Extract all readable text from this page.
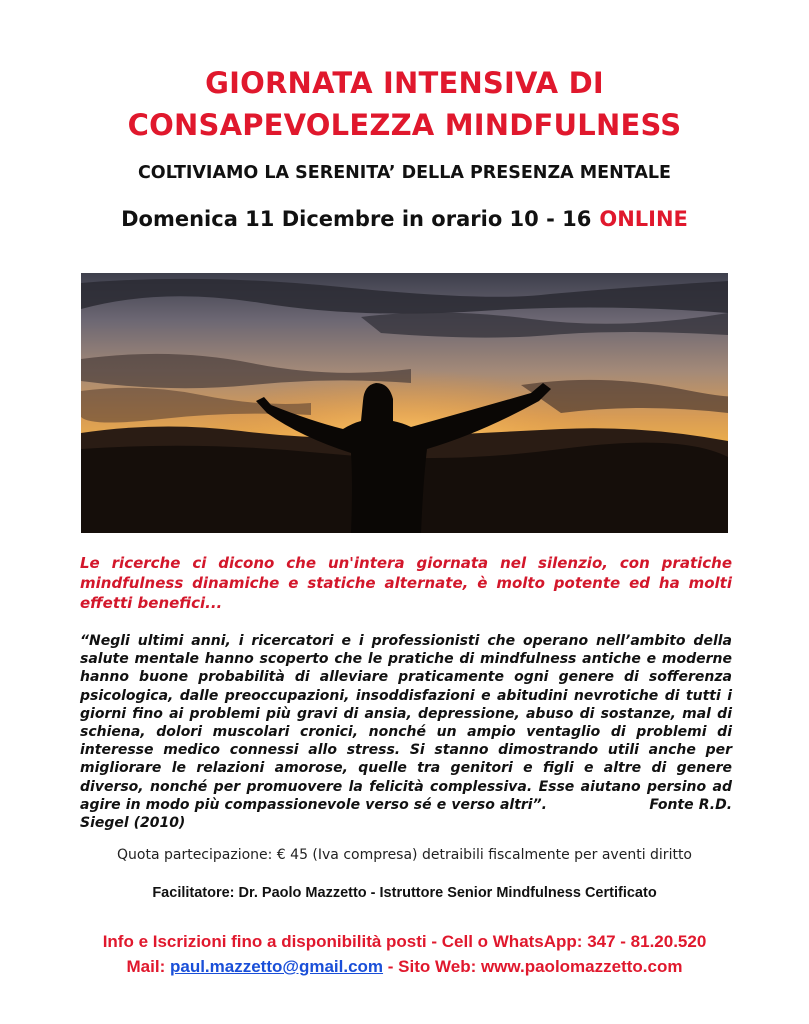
GIORNATA INTENSIVA DI
CONSAPEVOLEZZA MINDFULNESS
COLTIVIAMO LA SERENITA’ DELLA PRESENZA MENTALE
Domenica 11 Dicembre in orario 10 - 16 ONLINE
Le ricerche ci dicono che un'intera giornata nel silenzio, con pratiche mindfulness dinamiche e statiche alternate, è molto potente ed ha molti effetti benefici...
“Negli ultimi anni, i ricercatori e i professionisti che operano nell’ambito della salute mentale hanno scoperto che le pratiche di mindfulness antiche e moderne hanno buone probabilità di alleviare praticamente ogni genere di sofferenza psicologica, dalle preoccupazioni, insoddisfazioni e abitudini nevrotiche di tutti i giorni fino ai problemi più gravi di ansia, depressione, abuso di sostanze, mal di schiena, dolori muscolari cronici, nonché un ampio ventaglio di problemi di interesse medico connessi allo stress. Si stanno dimostrando utili anche per migliorare le relazioni amorose, quelle tra genitori e figli e altre di genere diverso, nonché per promuovere la felicità complessiva. Esse aiutano persino ad agire in modo più compassionevole verso sé e verso altri”.	Fonte R.D. Siegel (2010)
Quota partecipazione: € 45 (Iva compresa) detraibili fiscalmente per aventi diritto
Facilitatore: Dr. Paolo Mazzetto - Istruttore Senior Mindfulness Certificato
Info e Iscrizioni fino a disponibilità posti - Cell o WhatsApp: 347 - 81.20.520
Mail: paul.mazzetto@gmail.com - Sito Web: www.paolomazzetto.com
